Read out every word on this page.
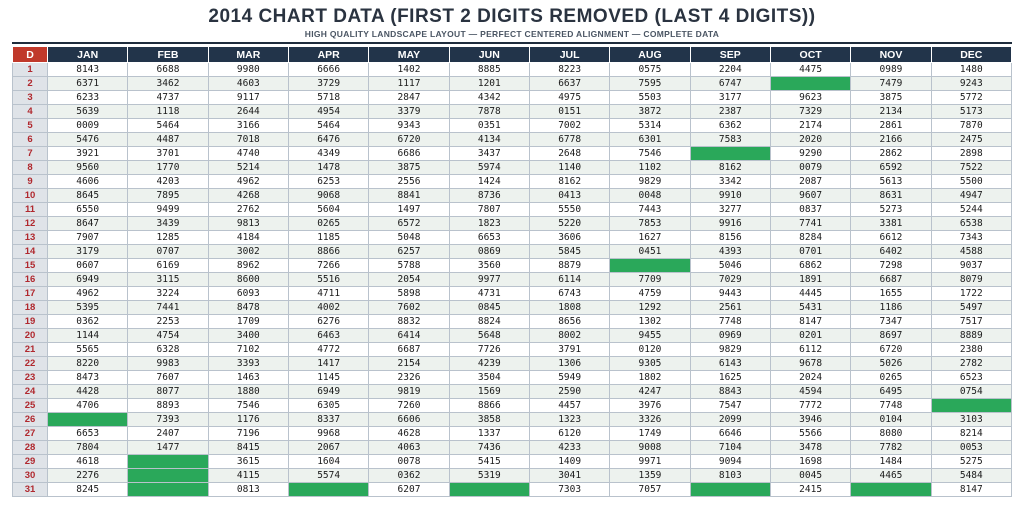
2014 CHART DATA (FIRST 2 DIGITS REMOVED (LAST 4 DIGITS))
HIGH QUALITY LANDSCAPE LAYOUT — PERFECT CENTERED ALIGNMENT — COMPLETE DATA
D	JAN	FEB	MAR	APR	MAY	JUN	JUL	AUG	SEP	OCT	NOV	DEC
1	8143	6688	9980	6666	1402	8885	8223	0575	2204	4475	0989	1480
2	6371	3462	4603	3729	1117	1201	6637	7595	6747		7479	9243
3	6233	4737	9117	5718	2847	4342	4975	5503	3177	9623	3875	5772
4	5639	1118	2644	4954	3379	7878	0151	3872	2387	7329	2134	5173
5	0009	5464	3166	5464	9343	0351	7002	5314	6362	2174	2861	7870
6	5476	4487	7018	6476	6720	4134	6778	6301	7583	2020	2166	2475
7	3921	3701	4740	4349	6686	3437	2648	7546		9290	2862	2898
8	9560	1770	5214	1478	3875	5974	1140	1102	8162	0079	6592	7522
9	4606	4203	4962	6253	2556	1424	8162	9829	3342	2087	5613	5500
10	8645	7895	4268	9068	8841	8736	0413	0048	9910	9607	8631	4947
11	6550	9499	2762	5604	1497	7807	5550	7443	3277	0837	5273	5244
12	8647	3439	9813	0265	6572	1823	5220	7853	9916	7741	3381	6538
13	7907	1285	4184	1185	5048	6653	3606	1627	8156	8284	6612	7343
14	3179	0707	3002	8866	6257	0869	5845	0451	4393	0701	6402	4588
15	0607	6169	8962	7266	5788	3560	8879		5046	6862	7298	9037
16	6949	3115	8600	5516	2054	9977	6114	7709	7029	1891	6687	8079
17	4962	3224	6093	4711	5898	4731	6743	4759	9443	4445	1655	1722
18	5395	7441	8478	4002	7602	0845	1808	1292	2561	5431	1186	5497
19	0362	2253	1709	6276	8832	8824	8656	1302	7748	8147	7347	7517
20	1144	4754	3400	6463	6414	5648	8002	9455	0969	0201	8697	8889
21	5565	6328	7102	4772	6687	7726	3791	0120	9829	6112	6720	2380
22	8220	9983	3393	1417	2154	4239	1306	9305	6143	9678	5026	2782
23	8473	7607	1463	1145	2326	3504	5949	1802	1625	2024	0265	6523
24	4428	8077	1880	6949	9819	1569	2590	4247	8843	4594	6495	0754
25	4706	8893	7546	6305	7260	8866	4457	3976	7547	7772	7748	
26		7393	1176	8337	6606	3858	1323	3326	2099	3946	0104	3103
27	6653	2407	7196	9968	4628	1337	6120	1749	6646	5566	8080	8214
28	7804	1477	8415	2067	4063	7436	4233	9008	7104	3478	7782	0053
29	4618		3615	1604	0078	5415	1409	9971	9094	1698	1484	5275
30	2276		4115	5574	0362	5319	3041	1359	8103	0045	4465	5484
31	8245		0813		6207		7303	7057		2415		8147
